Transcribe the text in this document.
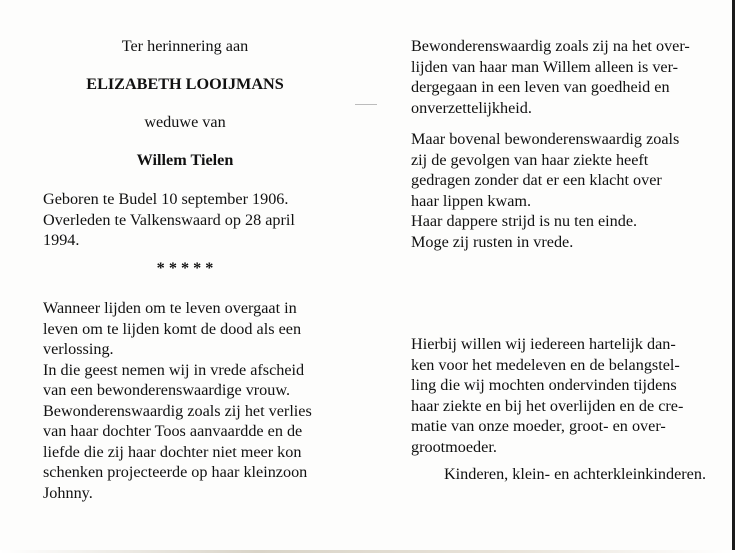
Ter herinnering aan
ELIZABETH LOOIJMANS
weduwe van
Willem Tielen
Geboren te Budel 10 september 1906.
Overleden te Valkenswaard op 28 april
1994.
* * * * *
Wanneer lijden om te leven overgaat in
leven om te lijden komt de dood als een
verlossing.
In die geest nemen wij in vrede afscheid
van een bewonderenswaardige vrouw.
Bewonderenswaardig zoals zij het verlies
van haar dochter Toos aanvaardde en de
liefde die zij haar dochter niet meer kon
schenken projecteerde op haar kleinzoon
Johnny.
Bewonderenswaardig zoals zij na het over-
lijden van haar man Willem alleen is ver-
dergegaan in een leven van goedheid en
onverzettelijkheid.
Maar bovenal bewonderenswaardig zoals
zij de gevolgen van haar ziekte heeft
gedragen zonder dat er een klacht over
haar lippen kwam.
Haar dappere strijd is nu ten einde.
Moge zij rusten in vrede.
Hierbij willen wij iedereen hartelijk dan-
ken voor het medeleven en de belangstel-
ling die wij mochten ondervinden tijdens
haar ziekte en bij het overlijden en de cre-
matie van onze moeder, groot- en over-
grootmoeder.
Kinderen, klein- en achterkleinkinderen.
